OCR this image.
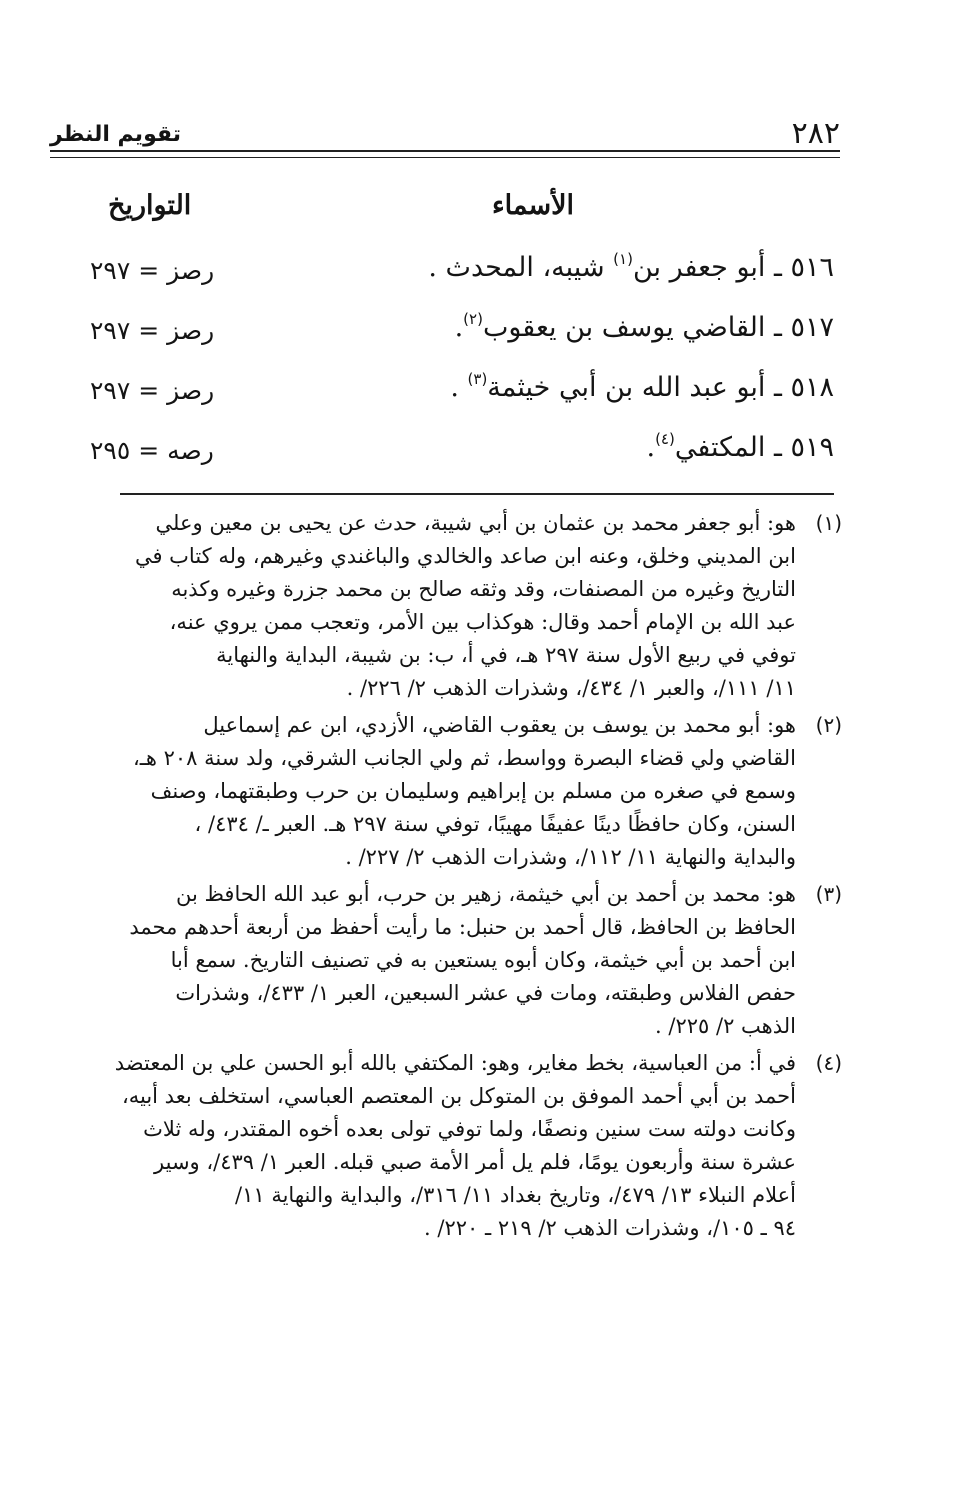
٢٨٢
تقويم النظر
الأسماء
التواريخ
٥١٦ ـ أبو جعفر بن$^{(١)}$ شيبه، المحدث .
رصز = ٢٩٧
٥١٧ ـ القاضي يوسف بن يعقوب$^{(٢)}$.
رصز = ٢٩٧
٥١٨ ـ أبو عبد الله بن أبي خيثمة$^{(٣)}$ .
رصز = ٢٩٧
٥١٩ ـ المكتفي$^{(٤)}$.
رصه = ٢٩٥
(١)
هو: أبو جعفر محمد بن عثمان بن أبي شيبة، حدث عن يحيى بن معين وعلي
ابن المديني وخلق، وعنه ابن صاعد والخالدي والباغندي وغيرهم، وله كتاب في
التاريخ وغيره من المصنفات، وقد وثقه صالح بن محمد جزرة وغيره وكذبه
عبد الله بن الإمام أحمد وقال: هوكذاب بين الأمر، وتعجب ممن يروي عنه،
توفي في ربيع الأول سنة ٢٩٧ هـ، في أ، ب: بن شيبة، البداية والنهاية
١١/ ١١١/، والعبر ١/ ٤٣٤/، وشذرات الذهب ٢/ ٢٢٦/ .
(٢)
هو: أبو محمد بن يوسف بن يعقوب القاضي، الأزدي، ابن عم إسماعيل
القاضي ولي قضاء البصرة وواسط، ثم ولي الجانب الشرقي، ولد سنة ٢٠٨ هـ،
وسمع في صغره من مسلم بن إبراهيم وسليمان بن حرب وطبقتهما، وصنف
السنن، وكان حافظًا دينًا عفيفًا مهيبًا، توفي سنة ٢٩٧ هـ. العبر ـ/ ٤٣٤/ ،
والبداية والنهاية ١١/ ١١٢/، وشذرات الذهب ٢/ ٢٢٧/ .
(٣)
هو: محمد بن أحمد بن أبي خيثمة، زهير بن حرب، أبو عبد الله الحافظ بن
الحافظ بن الحافظ، قال أحمد بن حنبل: ما رأيت أحفظ من أربعة أحدهم محمد
ابن أحمد بن أبي خيثمة، وكان أبوه يستعين به في تصنيف التاريخ. سمع أبا
حفص الفلاس وطبقته، ومات في عشر السبعين، العبر ١/ ٤٣٣/، وشذرات
الذهب ٢/ ٢٢٥/ .
(٤)
في أ: من العباسية، بخط مغاير، وهو: المكتفي بالله أبو الحسن علي بن المعتضد
أحمد بن أبي أحمد الموفق بن المتوكل بن المعتصم العباسي، استخلف بعد أبيه،
وكانت دولته ست سنين ونصفًا، ولما توفي تولى بعده أخوه المقتدر، وله ثلاث
عشرة سنة وأربعون يومًا، فلم يل أمر الأمة صبي قبله. العبر ١/ ٤٣٩/، وسير
أعلام النبلاء ١٣/ ٤٧٩/، وتاريخ بغداد ١١/ ٣١٦/، والبداية والنهاية ١١/
٩٤ ـ ١٠٥/، وشذرات الذهب ٢/ ٢١٩ ـ ٢٢٠/ .
